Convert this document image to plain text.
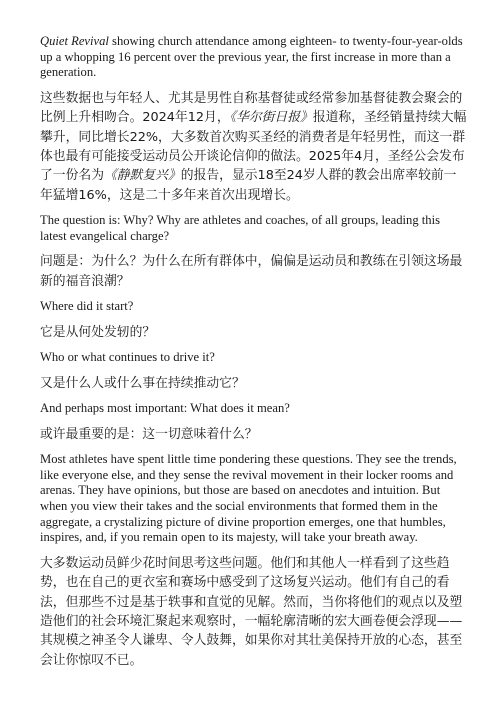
Quiet Revival showing church attendance among eighteen- to twenty-four-year-olds up a whopping 16 percent over the previous year, the first increase in more than a generation.

这些数据也与年轻人、尤其是男性自称基督徒或经常参加基督徒教会聚会的比例上升相吻合。2024年12月，《华尔街日报》报道称，圣经销量持续大幅攀升，同比增长22%，大多数首次购买圣经的消费者是年轻男性，而这一群体也最有可能接受运动员公开谈论信仰的做法。2025年4月，圣经公会发布了一份名为《静默复兴》的报告，显示18至24岁人群的教会出席率较前一年猛增16%，这是二十多年来首次出现增长。

The question is: Why? Why are athletes and coaches, of all groups, leading this latest evangelical charge?

问题是：为什么？为什么在所有群体中，偏偏是运动员和教练在引领这场最新的福音浪潮？

Where did it start?

它是从何处发轫的？

Who or what continues to drive it?

又是什么人或什么事在持续推动它？

And perhaps most important: What does it mean?

或许最重要的是：这一切意味着什么？

Most athletes have spent little time pondering these questions. They see the trends, like everyone else, and they sense the revival movement in their locker rooms and arenas. They have opinions, but those are based on anecdotes and intuition. But when you view their takes and the social environments that formed them in the aggregate, a crystalizing picture of divine proportion emerges, one that humbles, inspires, and, if you remain open to its majesty, will take your breath away.

大多数运动员鲜少花时间思考这些问题。他们和其他人一样看到了这些趋势，也在自己的更衣室和赛场中感受到了这场复兴运动。他们有自己的看法，但那些不过是基于轶事和直觉的见解。然而，当你将他们的观点以及塑造他们的社会环境汇聚起来观察时，一幅轮廓清晰的宏大画卷便会浮现——其规模之神圣令人谦卑、令人鼓舞，如果你对其壮美保持开放的心态，甚至会让你惊叹不已。
